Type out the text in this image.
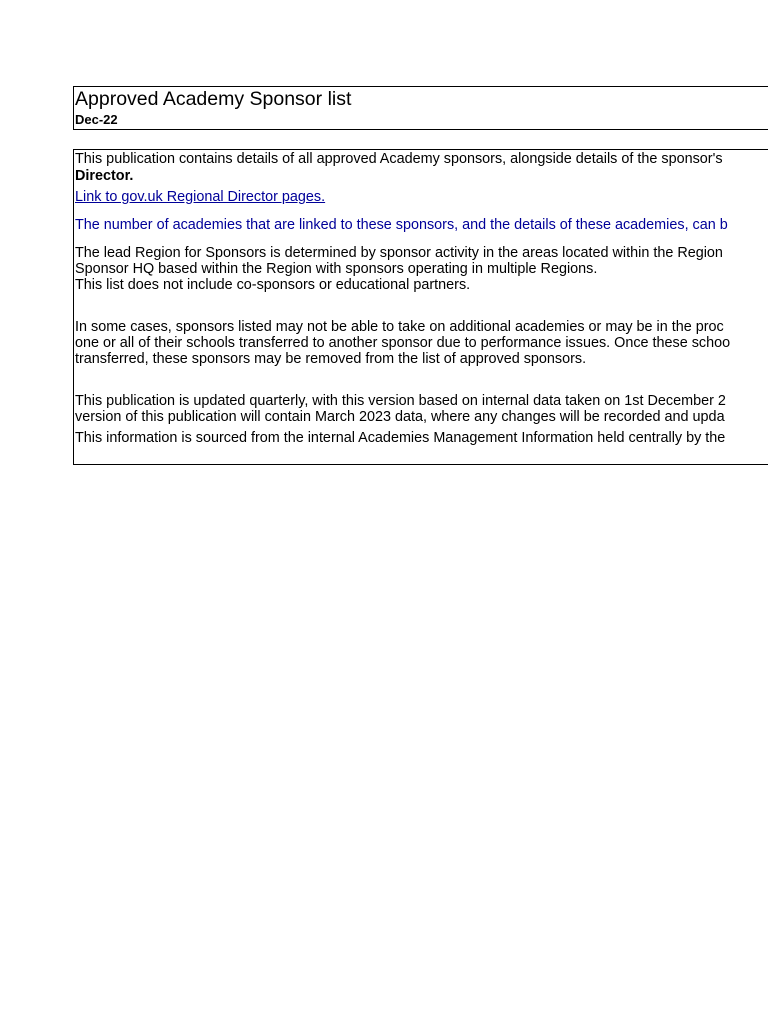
Approved Academy Sponsor list
Dec-22
This publication contains details of all approved Academy sponsors, alongside details of the sponsor's
Director.
Link to gov.uk Regional Director pages.
The number of academies that are linked to these sponsors, and the details of these academies, can b
The lead Region for Sponsors is determined by sponsor activity in the areas located within the Region
Sponsor HQ based within the Region with sponsors operating in multiple Regions.
This list does not include co-sponsors or educational partners.
In some cases, sponsors listed may not be able to take on additional academies or may be in the proc
one or all of their schools transferred to another sponsor due to performance issues. Once these schoo
transferred, these sponsors may be removed from the list of approved sponsors.
This publication is updated quarterly, with this version based on internal data taken on 1st December 2
version of this publication will contain March 2023 data, where any changes will be recorded and upda
This information is sourced from the internal Academies Management Information held centrally by the
